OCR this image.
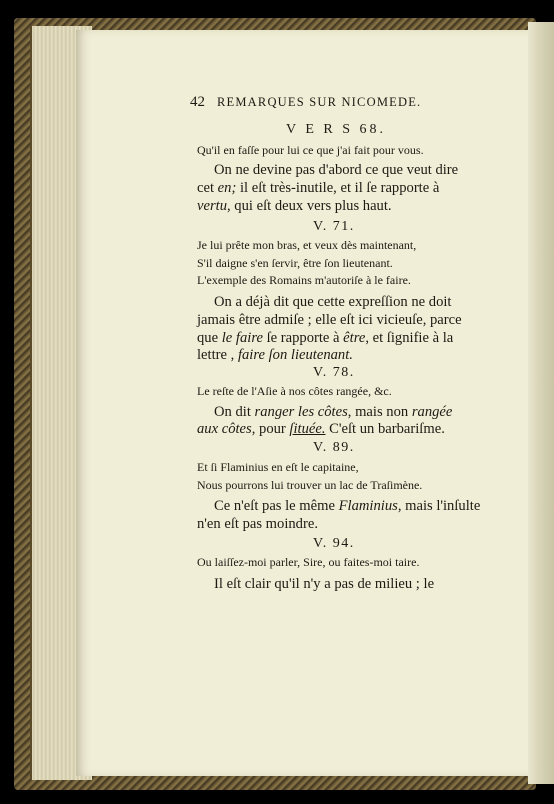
42 REMARQUES SUR NICOMEDE.
V E R S 68.
Qu'il en faſſe pour lui ce que j'ai fait pour vous.
On ne devine pas d'abord ce que veut dire
cet en; il eſt très-inutile, et il ſe rapporte à
vertu, qui eſt deux vers plus haut.
V. 71.
Je lui prête mon bras, et veux dès maintenant,
S'il daigne s'en ſervir, être ſon lieutenant.
L'exemple des Romains m'autoriſe à le faire.
On a déjà dit que cette expreſſion ne doit
jamais être admiſe ; elle eſt ici vicieuſe, parce
que le faire ſe rapporte à être, et ſignifie à la
lettre , faire ſon lieutenant.
V. 78.
Le reſte de l'Aſie à nos côtes rangée, &c.
On dit ranger les côtes, mais non rangée
aux côtes, pour ſituée. C'eſt un barbariſme.
V. 89.
Et ſi Flaminius en eſt le capitaine,
Nous pourrons lui trouver un lac de Traſimène.
Ce n'eſt pas le même Flaminius, mais l'inſulte
n'en eſt pas moindre.
V. 94.
Ou laiſſez-moi parler, Sire, ou faites-moi taire.
Il eſt clair qu'il n'y a pas de milieu ; le
